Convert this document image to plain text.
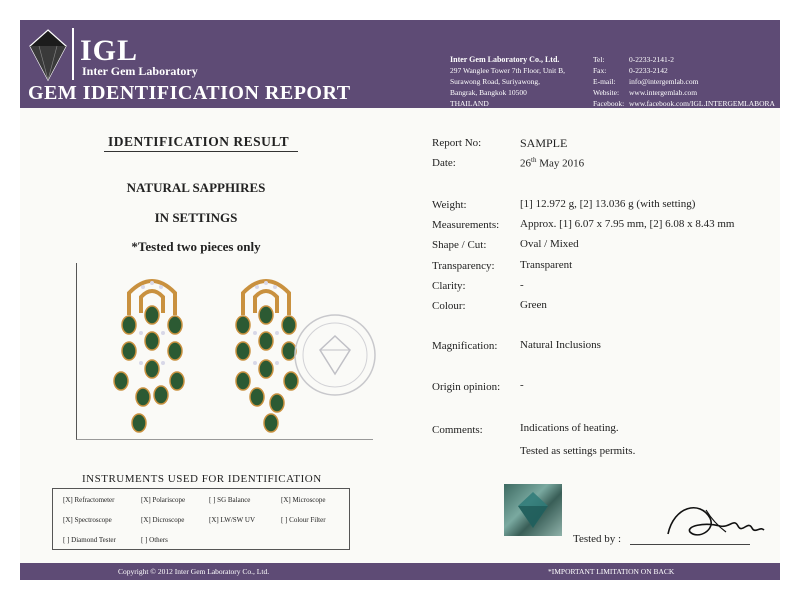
IGL
Inter Gem Laboratory
GEM IDENTIFICATION REPORT
Inter Gem Laboratory Co., Ltd.
297 Wanglee Tower 7th Floor, Unit B,
Surawong Road, Suriyawong,
Bangrak, Bangkok 10500
THAILAND
Tel:	0-2233-2141-2
Fax:	0-2233-2142
E-mail:	info@intergemlab.com
Website:	www.intergemlab.com
Facebook: www.facebook.com/IGL.INTERGEMLABORA
IDENTIFICATION RESULT
NATURAL SAPPHIRES
IN SETTINGS
*Tested two pieces only
INSTRUMENTS USED FOR IDENTIFICATION
[X] Refractometer	[X] Polariscope	[ ] SG Balance	[X] Microscope
[X] Spectroscope	[X] Dicroscope	[X] LW/SW UV	[ ] Colour Filter
[ ] Diamond Tester	[ ] Others
Report No:	SAMPLE
Date:	26th May 2016
Weight:	[1] 12.972 g, [2] 13.036 g (with setting)
Measurements: Approx. [1] 6.07 x 7.95 mm, [2] 6.08 x 8.43 mm
Shape / Cut:	Oval / Mixed
Transparency: Transparent
Clarity:	-
Colour:	Green
Magnification: Natural Inclusions
Origin opinion: -
Comments:	Indications of heating.
Tested as settings permits.
Tested by :
Copyright © 2012 Inter Gem Laboratory Co., Ltd.	*IMPORTANT LIMITATION ON BACK
